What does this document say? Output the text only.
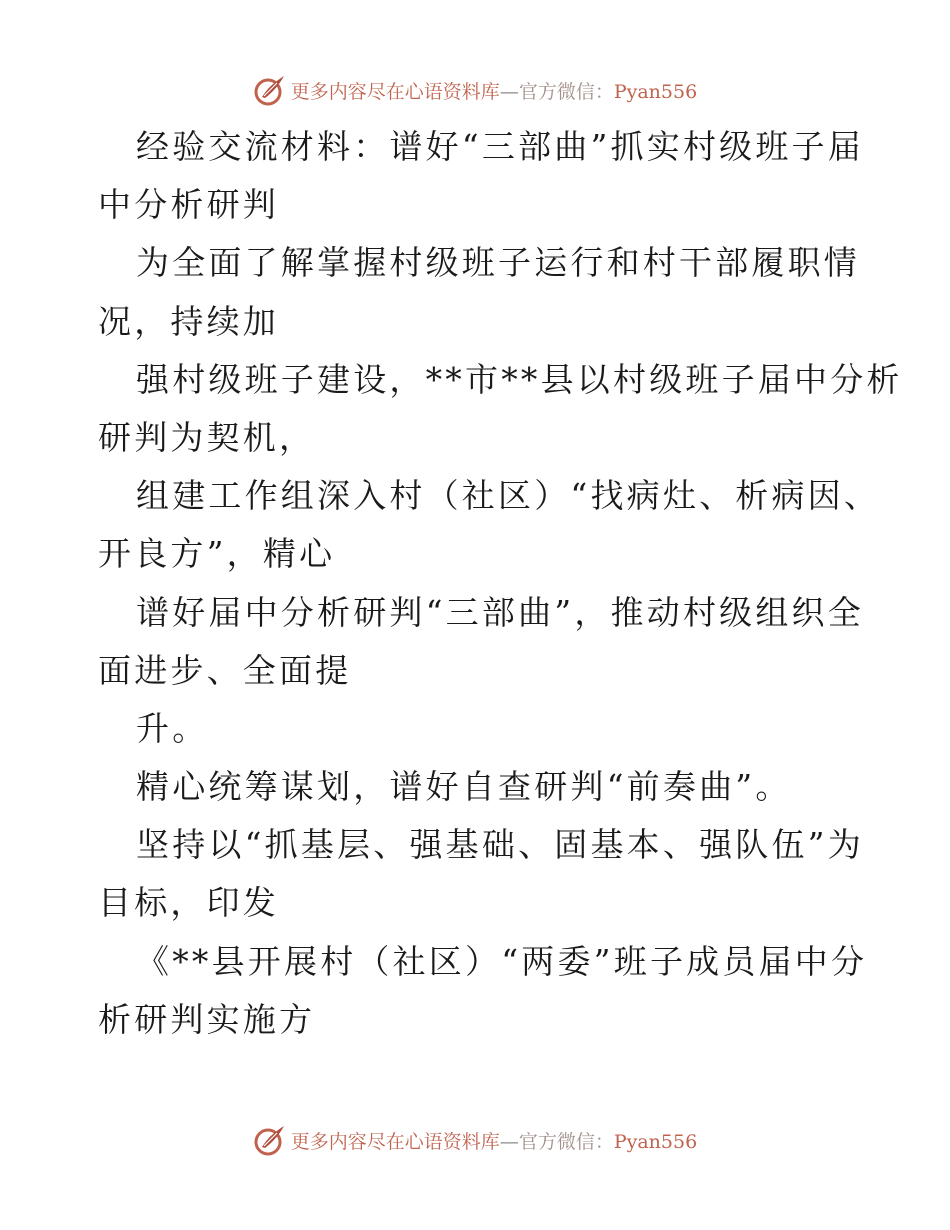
更多内容尽在心语资料库—官方微信：Pyan556
经验交流材料：谱好“三部曲”抓实村级班子届
中分析研判
为全面了解掌握村级班子运行和村干部履职情
况，持续加
强村级班子建设，**市**县以村级班子届中分析
研判为契机，
组建工作组深入村（社区）“找病灶、析病因、
开良方”，精心
谱好届中分析研判“三部曲”，推动村级组织全
面进步、全面提
升。
精心统筹谋划，谱好自查研判“前奏曲”。
坚持以“抓基层、强基础、固基本、强队伍”为
目标，印发
《**县开展村（社区）“两委”班子成员届中分
析研判实施方
更多内容尽在心语资料库—官方微信：Pyan556
